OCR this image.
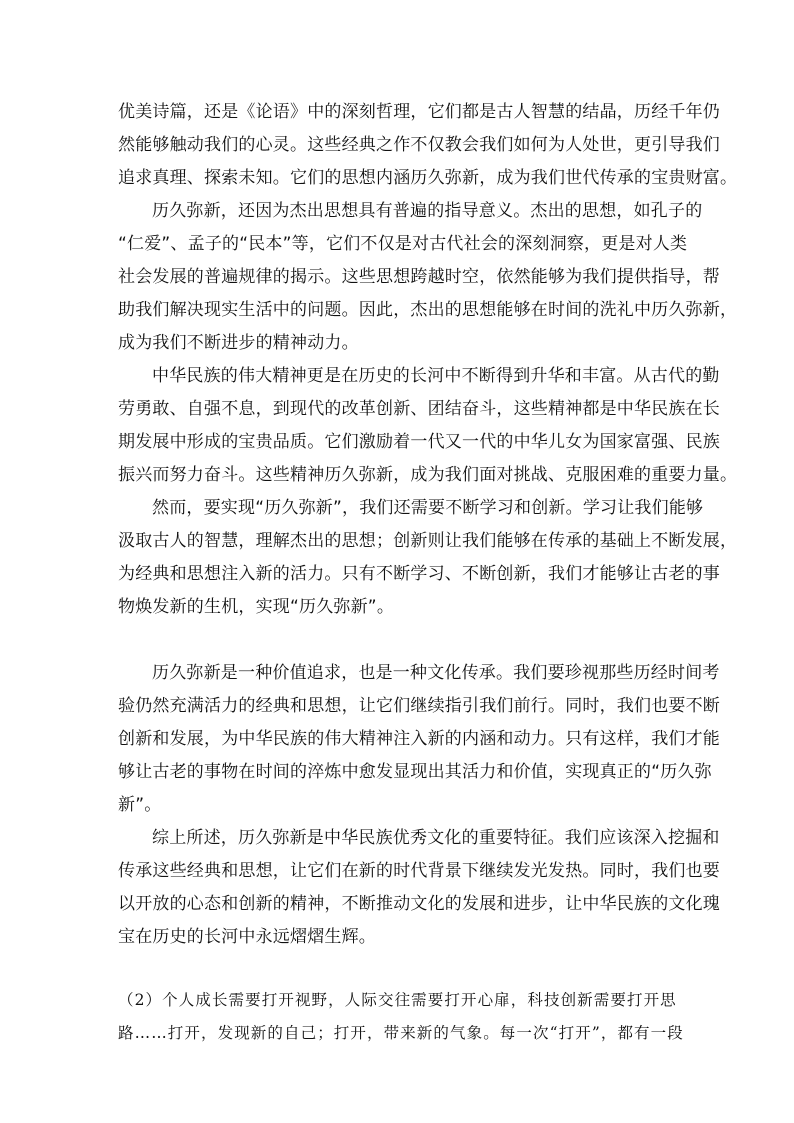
优美诗篇，还是《论语》中的深刻哲理，它们都是古人智慧的结晶，历经千年仍
然能够触动我们的心灵。这些经典之作不仅教会我们如何为人处世，更引导我们
追求真理、探索未知。它们的思想内涵历久弥新，成为我们世代传承的宝贵财富。
历久弥新，还因为杰出思想具有普遍的指导意义。杰出的思想，如孔子的
“仁爱”、孟子的“民本”等，它们不仅是对古代社会的深刻洞察，更是对人类
社会发展的普遍规律的揭示。这些思想跨越时空，依然能够为我们提供指导，帮
助我们解决现实生活中的问题。因此，杰出的思想能够在时间的洗礼中历久弥新，
成为我们不断进步的精神动力。
中华民族的伟大精神更是在历史的长河中不断得到升华和丰富。从古代的勤
劳勇敢、自强不息，到现代的改革创新、团结奋斗，这些精神都是中华民族在长
期发展中形成的宝贵品质。它们激励着一代又一代的中华儿女为国家富强、民族
振兴而努力奋斗。这些精神历久弥新，成为我们面对挑战、克服困难的重要力量。
然而，要实现“历久弥新”，我们还需要不断学习和创新。学习让我们能够
汲取古人的智慧，理解杰出的思想；创新则让我们能够在传承的基础上不断发展，
为经典和思想注入新的活力。只有不断学习、不断创新，我们才能够让古老的事
物焕发新的生机，实现“历久弥新”。
历久弥新是一种价值追求，也是一种文化传承。我们要珍视那些历经时间考
验仍然充满活力的经典和思想，让它们继续指引我们前行。同时，我们也要不断
创新和发展，为中华民族的伟大精神注入新的内涵和动力。只有这样，我们才能
够让古老的事物在时间的淬炼中愈发显现出其活力和价值，实现真正的“历久弥
新”。
综上所述，历久弥新是中华民族优秀文化的重要特征。我们应该深入挖掘和
传承这些经典和思想，让它们在新的时代背景下继续发光发热。同时，我们也要
以开放的心态和创新的精神，不断推动文化的发展和进步，让中华民族的文化瑰
宝在历史的长河中永远熠熠生辉。
（2）个人成长需要打开视野，人际交往需要打开心扉，科技创新需要打开思
路……打开，发现新的自己；打开，带来新的气象。每一次“打开”，都有一段
